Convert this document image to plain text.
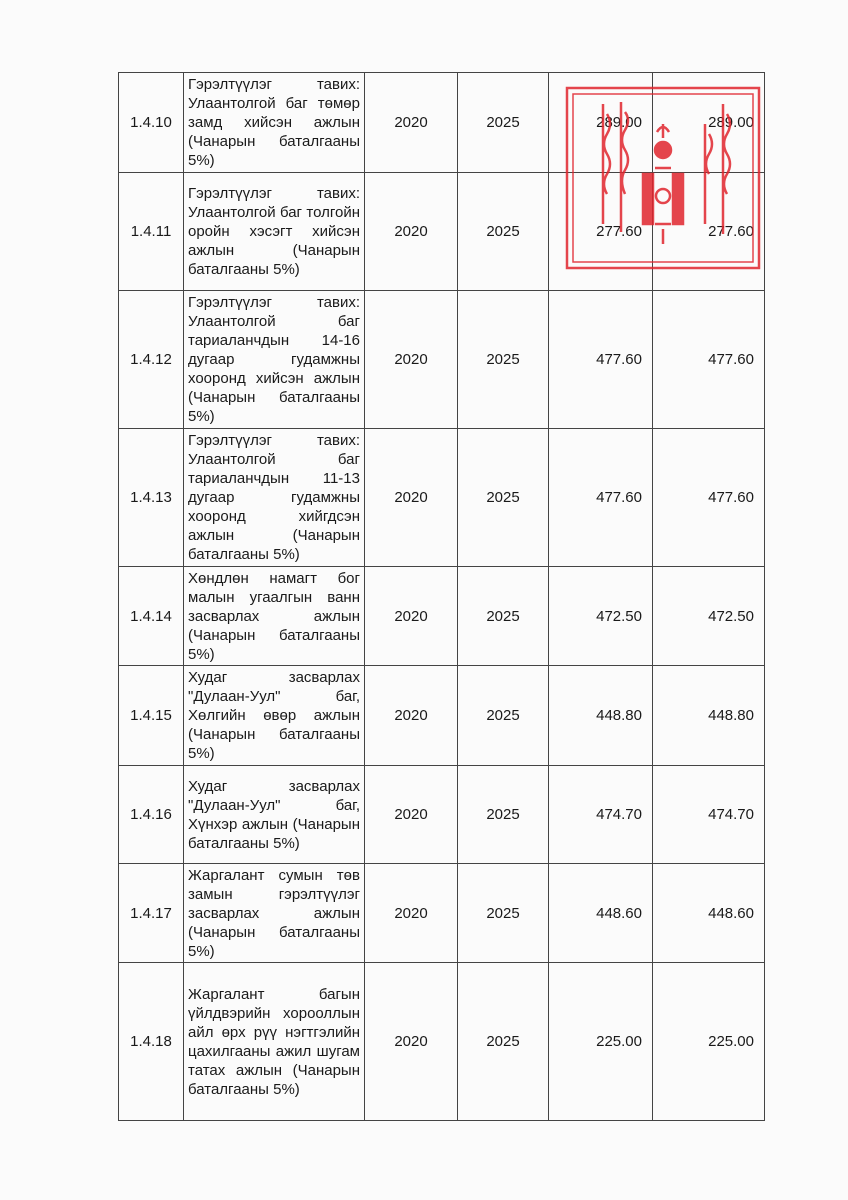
1.4.10	Гэрэлтүүлэг тавих: Улаантолгой баг төмөр замд хийсэн ажлын (Чанарын баталгааны 5%)	2020	2025	289.00	289.00
1.4.11	Гэрэлтүүлэг тавих: Улаантолгой баг толгойн оройн хэсэгт хийсэн ажлын (Чанарын баталгааны 5%)	2020	2025	277.60	277.60
1.4.12	Гэрэлтүүлэг тавих: Улаантолгой баг тариаланчдын 14-16 дугаар гудамжны хооронд хийсэн ажлын (Чанарын баталгааны 5%)	2020	2025	477.60	477.60
1.4.13	Гэрэлтүүлэг тавих: Улаантолгой баг тариаланчдын 11-13 дугаар гудамжны хооронд хийгдсэн ажлын (Чанарын баталгааны 5%)	2020	2025	477.60	477.60
1.4.14	Хөндлөн намагт бог малын угаалгын ванн засварлах ажлын (Чанарын баталгааны 5%)	2020	2025	472.50	472.50
1.4.15	Худаг засварлах "Дулаан-Уул" баг, Хөлгийн өвөр ажлын (Чанарын баталгааны 5%)	2020	2025	448.80	448.80
1.4.16	Худаг засварлах "Дулаан-Уул" баг, Хүнхэр ажлын (Чанарын баталгааны 5%)	2020	2025	474.70	474.70
1.4.17	Жаргалант сумын төв замын гэрэлтүүлэг засварлах ажлын (Чанарын баталгааны 5%)	2020	2025	448.60	448.60
1.4.18	Жаргалант багын үйлдвэрийн хорооллын айл өрх рүү нэгтгэлийн цахилгааны ажил шугам татах ажлын (Чанарын баталгааны 5%)	2020	2025	225.00	225.00
